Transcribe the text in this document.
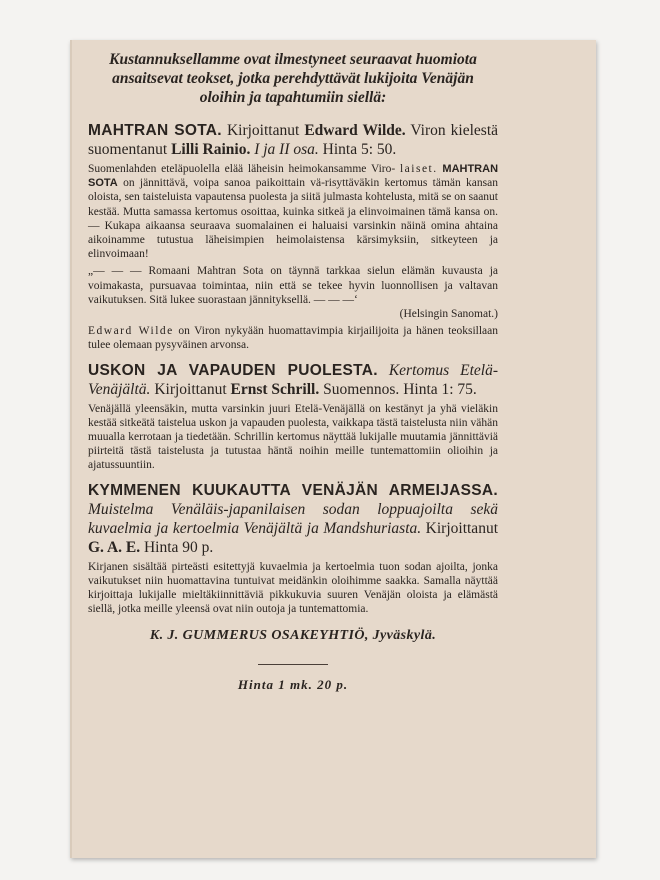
Kustannuksellamme ovat ilmestyneet seuraavat huomiota ansaitsevat teokset, jotka perehdyttävät lukijoita Venäjän oloihin ja tapahtumiin siellä:

MAHTRAN SOTA. Kirjoittanut Edward Wilde. Viron kielestä suomentanut Lilli Rainio. I ja II osa. Hinta 5: 50.
Suomenlahden eteläpuolella elää läheisin heimokansamme Viro- laiset. MAHTRAN SOTA on jännittävä, voipa sanoa paikoittain vä-risyttäväkin kertomus tämän kansan oloista, sen taisteluista vapautensa puolesta ja siitä julmasta kohtelusta, mitä se on saanut kestää. Mutta samassa kertomus osoittaa, kuinka sitkeä ja elinvoimainen tämä kansa on. — Kukapa aikaansa seuraava suomalainen ei haluaisi varsinkin näinä omina ahtaina aikoinamme tutustua läheisimpien heimolaistensa kärsimyksiin, sitkeyteen ja elinvoimaan!
„— — — Romaani Mahtran Sota on täynnä tarkkaa sielun elämän kuvausta ja voimakasta, pursuavaa toimintaa, niin että se tekee hyvin luonnollisen ja valtavan vaikutuksen. Sitä lukee suorastaan jännityksellä. — — —‘
(Helsingin Sanomat.)
Edward Wilde on Viron nykyään huomattavimpia kirjailijoita ja hänen teoksillaan tulee olemaan pysyväinen arvonsa.
USKON JA VAPAUDEN PUOLESTA. Kertomus Etelä-Venäjältä. Kirjoittanut Ernst Schrill. Suomennos. Hinta 1: 75.
Venäjällä yleensäkin, mutta varsinkin juuri Etelä-Venäjällä on kestänyt ja yhä vieläkin kestää sitkeätä taistelua uskon ja vapauden puolesta, vaikkapa tästä taistelusta niin vähän muualla kerrotaan ja tiedetään. Schrillin kertomus näyttää lukijalle muutamia jännittäviä piirteitä tästä taistelusta ja tutustaa häntä noihin meille tuntemattomiin olioihin ja ajatussuuntiin.
KYMMENEN KUUKAUTTA VENÄJÄN ARMEIJASSA. Muistelma Venäläis-japanilaisen sodan loppuajoilta sekä kuvaelmia ja kertoelmia Venäjältä ja Mandshuriasta. Kirjoittanut G. A. E. Hinta 90 p.
Kirjanen sisältää pirteästi esitettyjä kuvaelmia ja kertoelmia tuon sodan ajoilta, jonka vaikutukset niin huomattavina tuntuivat meidänkin oloihimme saakka. Samalla näyttää kirjoittaja lukijalle mieltäkiinnittäviä pikkukuvia suuren Venäjän oloista ja elämästä siellä, jotka meille yleensä ovat niin outoja ja tuntemattomia.
K. J. GUMMERUS OSAKEYHTIÖ, Jyväskylä.
Hinta 1 mk. 20 p.
